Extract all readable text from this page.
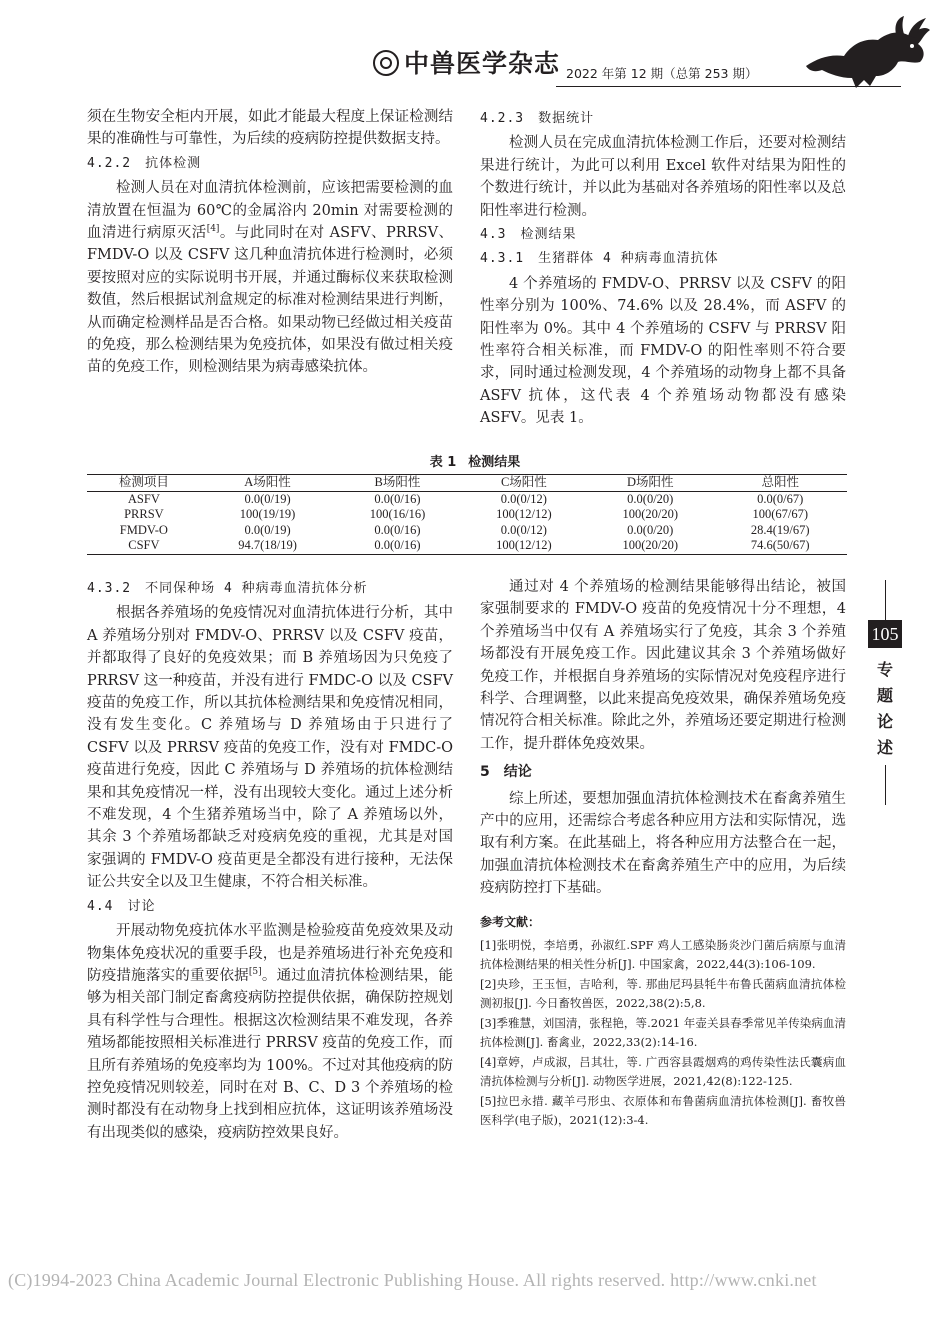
中兽医学杂志 2022 年第 12 期（总第 253 期）

须在生物安全柜内开展，如此才能最大程度上保证检测结果的准确性与可靠性，为后续的疫病防控提供数据支持。

4.2.2　抗体检测

检测人员在对血清抗体检测前，应该把需要检测的血清放置在恒温为 60℃的金属浴内 20min 对需要检测的血清进行病原灭活[4]。与此同时在对 ASFV、PRRSV、FMDV-O 以及 CSFV 这几种血清抗体进行检测时，必须要按照对应的实际说明书开展，并通过酶标仪来获取检测数值，然后根据试剂盒规定的标准对检测结果进行判断，从而确定检测样品是否合格。如果动物已经做过相关疫苗的免疫，那么检测结果为免疫抗体，如果没有做过相关疫苗的免疫工作，则检测结果为病毒感染抗体。

4.2.3　数据统计

检测人员在完成血清抗体检测工作后，还要对检测结果进行统计，为此可以利用 Excel 软件对结果为阳性的个数进行统计，并以此为基础对各养殖场的阳性率以及总阳性率进行检测。

4.3　检测结果
4.3.1　生猪群体 4 种病毒血清抗体

4 个养殖场的 FMDV-O、PRRSV 以及 CSFV 的阳性率分别为 100%、74.6% 以及 28.4%，而 ASFV 的阳性率为 0%。其中 4 个养殖场的 CSFV 与 PRRSV 阳性率符合相关标准，而 FMDV-O 的阳性率则不符合要求，同时通过检测发现，4 个养殖场的动物身上都不具备 ASFV 抗体，这代表 4 个养殖场动物都没有感染 ASFV。见表 1。

表 1 检测结果
检测项目	A场阳性	B场阳性	C场阳性	D场阳性	总阳性
ASFV	0.0(0/19)	0.0(0/16)	0.0(0/12)	0.0(0/20)	0.0(0/67)
PRRSV	100(19/19)	100(16/16)	100(12/12)	100(20/20)	100(67/67)
FMDV-O	0.0(0/19)	0.0(0/16)	0.0(0/12)	0.0(0/20)	28.4(19/67)
CSFV	94.7(18/19)	0.0(0/16)	100(12/12)	100(20/20)	74.6(50/67)
4.3.2　不同保种场 4 种病毒血清抗体分析

根据各养殖场的免疫情况对血清抗体进行分析，其中 A 养殖场分别对 FMDV-O、PRRSV 以及 CSFV 疫苗，并都取得了良好的免疫效果；而 B 养殖场因为只免疫了 PRRSV 这一种疫苗，并没有进行 FMDC-O 以及 CSFV 疫苗的免疫工作，所以其抗体检测结果和免疫情况相同，没有发生变化。C 养殖场与 D 养殖场由于只进行了 CSFV 以及 PRRSV 疫苗的免疫工作，没有对 FMDC-O 疫苗进行免疫，因此 C 养殖场与 D 养殖场的抗体检测结果和其免疫情况一样，没有出现较大变化。通过上述分析不难发现，4 个生猪养殖场当中，除了 A 养殖场以外，其余 3 个养殖场都缺乏对疫病免疫的重视，尤其是对国家强调的 FMDV-O 疫苗更是全都没有进行接种，无法保证公共安全以及卫生健康，不符合相关标准。

4.4　讨论

开展动物免疫抗体水平监测是检验疫苗免疫效果及动物集体免疫状况的重要手段，也是养殖场进行补充免疫和防疫措施落实的重要依据[5]。通过血清抗体检测结果，能够为相关部门制定畜禽疫病防控提供依据，确保防控规划具有科学性与合理性。根据这次检测结果不难发现，各养殖场都能按照相关标准进行 PRRSV 疫苗的免疫工作，而且所有养殖场的免疫率均为 100%。不过对其他疫病的防控免疫情况则较差，同时在对 B、C、D 3 个养殖场的检测时都没有在动物身上找到相应抗体，这证明该养殖场没有出现类似的感染，疫病防控效果良好。

通过对 4 个养殖场的检测结果能够得出结论，被国家强制要求的 FMDV-O 疫苗的免疫情况十分不理想，4 个养殖场当中仅有 A 养殖场实行了免疫，其余 3 个养殖场都没有开展免疫工作。因此建议其余 3 个养殖场做好免疫工作，并根据自身养殖场的实际情况对免疫程序进行科学、合理调整，以此来提高免疫效果，确保养殖场免疫情况符合相关标准。除此之外，养殖场还要定期进行检测工作，提升群体免疫效果。

5　结论

综上所述，要想加强血清抗体检测技术在畜禽养殖生产中的应用，还需综合考虑各种应用方法和实际情况，选取有利方案。在此基础上，将各种应用方法整合在一起，加强血清抗体检测技术在畜禽养殖生产中的应用，为后续疫病防控打下基础。

参考文献：

[1]张明悦，李培勇，孙淑红.SPF 鸡人工感染肠炎沙门菌后病原与血清抗体检测结果的相关性分析[J]. 中国家禽，2022,44(3):106-109.

[2]央珍，王玉恒，吉哈利，等. 那曲尼玛县牦牛布鲁氏菌病血清抗体检测初报[J]. 今日畜牧兽医，2022,38(2):5,8.

[3]季雅慧，刘国清，张程艳，等.2021 年壶关县春季常见羊传染病血清抗体检测[J]. 畜禽业，2022,33(2):14-16.

[4]章婷，卢成淑，吕其壮，等. 广西容县霞烟鸡的鸡传染性法氏囊病血清抗体检测与分析[J]. 动物医学进展，2021,42(8):122-125.

[5]拉巴永措. 藏羊弓形虫、衣原体和布鲁菌病血清抗体检测[J]. 畜牧兽医科学(电子版)，2021(12):3-4.

105
专题论述
(C)1994-2023 China Academic Journal Electronic Publishing House. All rights reserved. http://www.cnki.net
